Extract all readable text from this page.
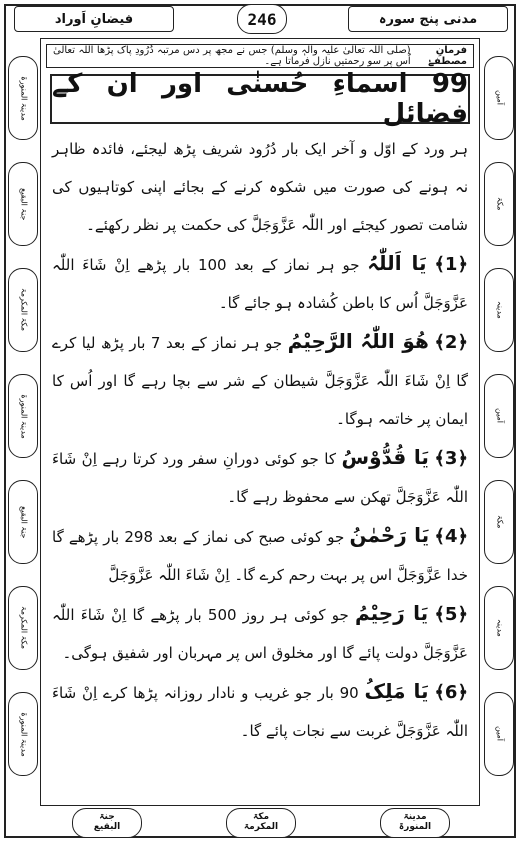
مدنی پنج سورہ
246
فیضانِ اَوراد
مدینۃ المنورۃ
جنۃ البقیع
مکۃ المکرمۃ
مدینۃ المنورۃ
جنۃ البقیع
مکۃ المکرمۃ
مدینۃ المنورۃ
آمین
مکۃ
مدینہ
آمین
مکۃ
مدینہ
آمین
فرمانِ مصطفےٰ
(صلی اللہ تعالیٰ علیہ والہٖ وسلم) جس نے مجھ پر دس مرتبہ دُرُودِ پاک پڑھا اللہ تعالیٰ اُس پر سو رحمتیں نازل فرماتا ہے۔
99 اسماءِ حُسنٰی اور ان کے فضائل

ہر ورد کے اوّل و آخر ایک بار دُرُود شریف پڑھ لیجئے، فائدہ ظاہر نہ ہونے کی صورت میں شکوہ کرنے کے بجائے اپنی کوتاہیوں کی شامت تصور کیجئے اور اللّٰہ عَزَّوَجَلَّ کی حکمت پر نظر رکھئے۔

﴿1﴾ یَا اَللّٰہُ جو ہر نماز کے بعد 100 بار پڑھے اِنْ شَاءَ اللّٰہ عَزَّوَجَلَّ اُس کا باطن کُشادہ ہو جائے گا۔

﴿2﴾ هُوَ اللّٰہُ الرَّحِیْمُ جو ہر نماز کے بعد 7 بار پڑھ لیا کرے گا اِنْ شَاءَ اللّٰہ عَزَّوَجَلَّ شیطان کے شر سے بچا رہے گا اور اُس کا ایمان پر خاتمہ ہوگا۔

﴿3﴾ یَا قُدُّوْسُ کا جو کوئی دورانِ سفر ورد کرتا رہے اِنْ شَاءَ اللّٰہ عَزَّوَجَلَّ تھکن سے محفوظ رہے گا۔

﴿4﴾ یَا رَحْمٰنُ جو کوئی صبح کی نماز کے بعد 298 بار پڑھے گا خدا عَزَّوَجَلَّ اس پر بہت رحم کرے گا۔ اِنْ شَاءَ اللّٰہ عَزَّوَجَلَّ

﴿5﴾ یَا رَحِیْمُ جو کوئی ہر روز 500 بار پڑھے گا اِنْ شَاءَ اللّٰہ عَزَّوَجَلَّ دولت پائے گا اور مخلوق اس پر مہربان اور شفیق ہوگی۔

﴿6﴾ یَا مَلِکُ 90 بار جو غریب و نادار روزانہ پڑھا کرے اِنْ شَاءَ اللّٰہ عَزَّوَجَلَّ غربت سے نجات پائے گا۔

جنۃ
البقیع
مکۃ
المکرمۃ
مدینۃ
المنورۃ
